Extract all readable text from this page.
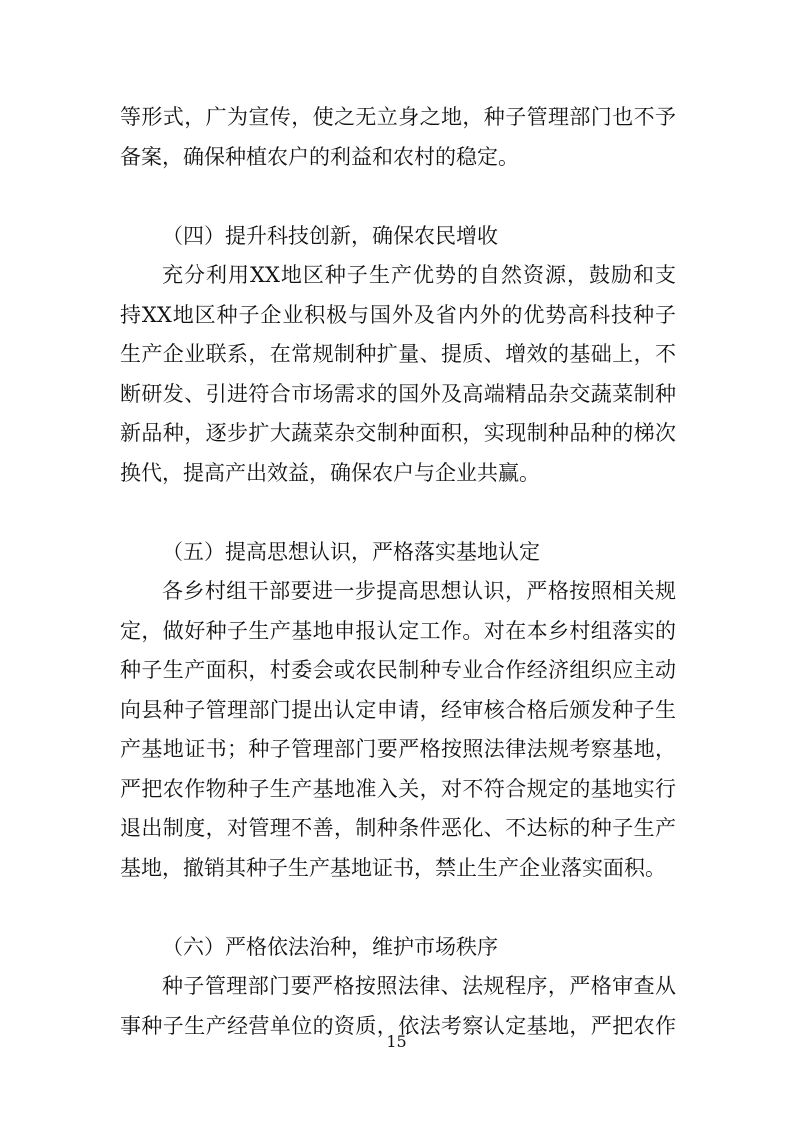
等形式，广为宣传，使之无立身之地，种子管理部门也不予
备案，确保种植农户的利益和农村的稳定。
（四）提升科技创新，确保农民增收
充分利用XX地区种子生产优势的自然资源，鼓励和支
持XX地区种子企业积极与国外及省内外的优势高科技种子
生产企业联系，在常规制种扩量、提质、增效的基础上，不
断研发、引进符合市场需求的国外及高端精品杂交蔬菜制种
新品种，逐步扩大蔬菜杂交制种面积，实现制种品种的梯次
换代，提高产出效益，确保农户与企业共赢。
（五）提高思想认识，严格落实基地认定
各乡村组干部要进一步提高思想认识，严格按照相关规
定，做好种子生产基地申报认定工作。对在本乡村组落实的
种子生产面积，村委会或农民制种专业合作经济组织应主动
向县种子管理部门提出认定申请，经审核合格后颁发种子生
产基地证书；种子管理部门要严格按照法律法规考察基地，
严把农作物种子生产基地准入关，对不符合规定的基地实行
退出制度，对管理不善，制种条件恶化、不达标的种子生产
基地，撤销其种子生产基地证书，禁止生产企业落实面积。
（六）严格依法治种，维护市场秩序
种子管理部门要严格按照法律、法规程序，严格审查从
事种子生产经营单位的资质，依法考察认定基地，严把农作
15
